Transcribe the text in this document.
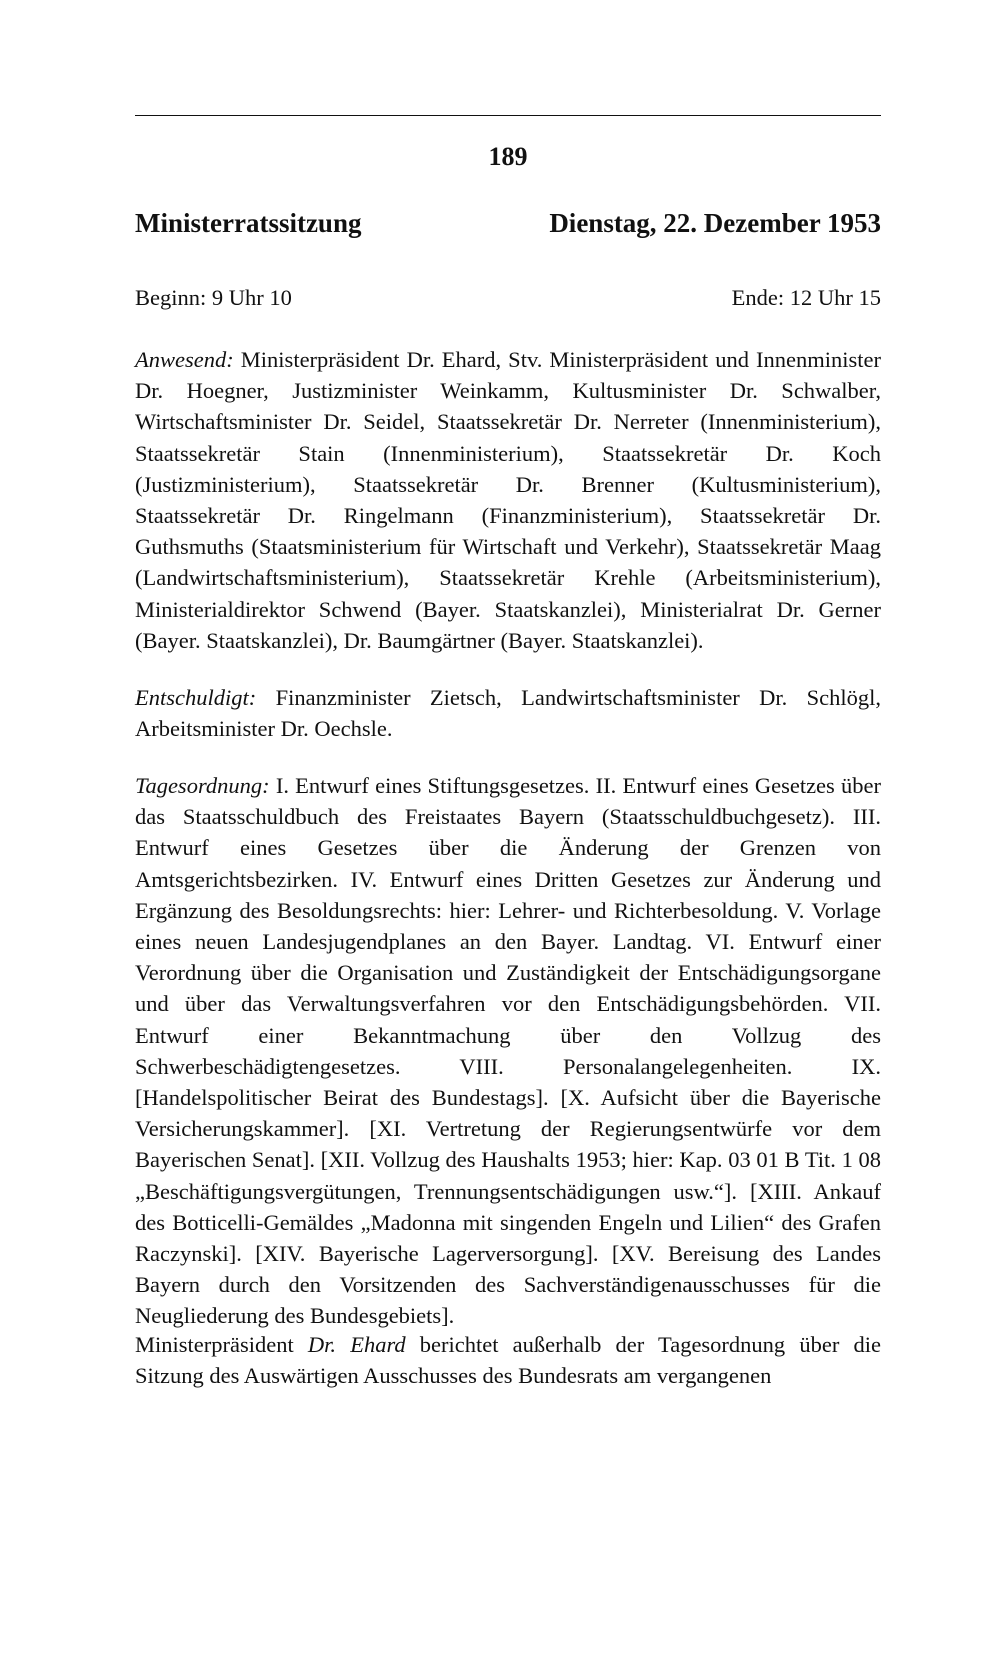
189
Ministerratssitzung	Dienstag, 22. Dezember 1953
Beginn: 9 Uhr 10	Ende: 12 Uhr 15

Anwesend: Ministerpräsident Dr. Ehard, Stv. Ministerpräsident und Innenminister Dr. Hoegner, Justizminister Weinkamm, Kultusminister Dr. Schwalber, Wirtschaftsminister Dr. Seidel, Staatssekretär Dr. Nerreter (Innenministerium), Staatssekretär Stain (Innenministerium), Staatssekretär Dr. Koch (Justizministerium), Staatssekretär Dr. Brenner (Kultusministerium), Staatssekretär Dr. Ringelmann (Finanzministerium), Staatssekretär Dr. Guthsmuths (Staatsministerium für Wirtschaft und Verkehr), Staatssekretär Maag (Landwirtschaftsministerium), Staatssekretär Krehle (Arbeitsministerium), Ministerialdirektor Schwend (Bayer. Staatskanzlei), Ministerialrat Dr. Gerner (Bayer. Staatskanzlei), Dr. Baumgärtner (Bayer. Staatskanzlei).

Entschuldigt: Finanzminister Zietsch, Landwirtschaftsminister Dr. Schlögl, Arbeitsminister Dr. Oechsle.

Tagesordnung: I. Entwurf eines Stiftungsgesetzes. II. Entwurf eines Gesetzes über das Staatsschuldbuch des Freistaates Bayern (Staatsschuldbuchgesetz). III. Entwurf eines Gesetzes über die Änderung der Grenzen von Amtsgerichtsbezirken. IV. Entwurf eines Dritten Gesetzes zur Änderung und Ergänzung des Besoldungsrechts: hier: Lehrer- und Richterbesoldung. V. Vorlage eines neuen Landesjugendplanes an den Bayer. Landtag. VI. Entwurf einer Verordnung über die Organisation und Zuständigkeit der Entschädigungsorgane und über das Verwaltungsverfahren vor den Entschädigungsbehörden. VII. Entwurf einer Bekanntmachung über den Vollzug des Schwerbeschädigtengesetzes. VIII. Personalangelegenheiten. IX. [Handelspolitischer Beirat des Bundestags]. [X. Aufsicht über die Bayerische Versicherungskammer]. [XI. Vertretung der Regierungsentwürfe vor dem Bayerischen Senat]. [XII. Vollzug des Haushalts 1953; hier: Kap. 03 01 B Tit. 1 08 „Beschäftigungsvergütungen, Trennungsentschädigungen usw.“]. [XIII. Ankauf des Botticelli-Gemäldes „Madonna mit singenden Engeln und Lilien“ des Grafen Raczynski]. [XIV. Bayerische Lagerversorgung]. [XV. Bereisung des Landes Bayern durch den Vorsitzenden des Sachverständigenausschusses für die Neugliederung des Bundesgebiets].

Ministerpräsident Dr. Ehard berichtet außerhalb der Tagesordnung über die Sitzung des Auswärtigen Ausschusses des Bundesrats am vergangenen
